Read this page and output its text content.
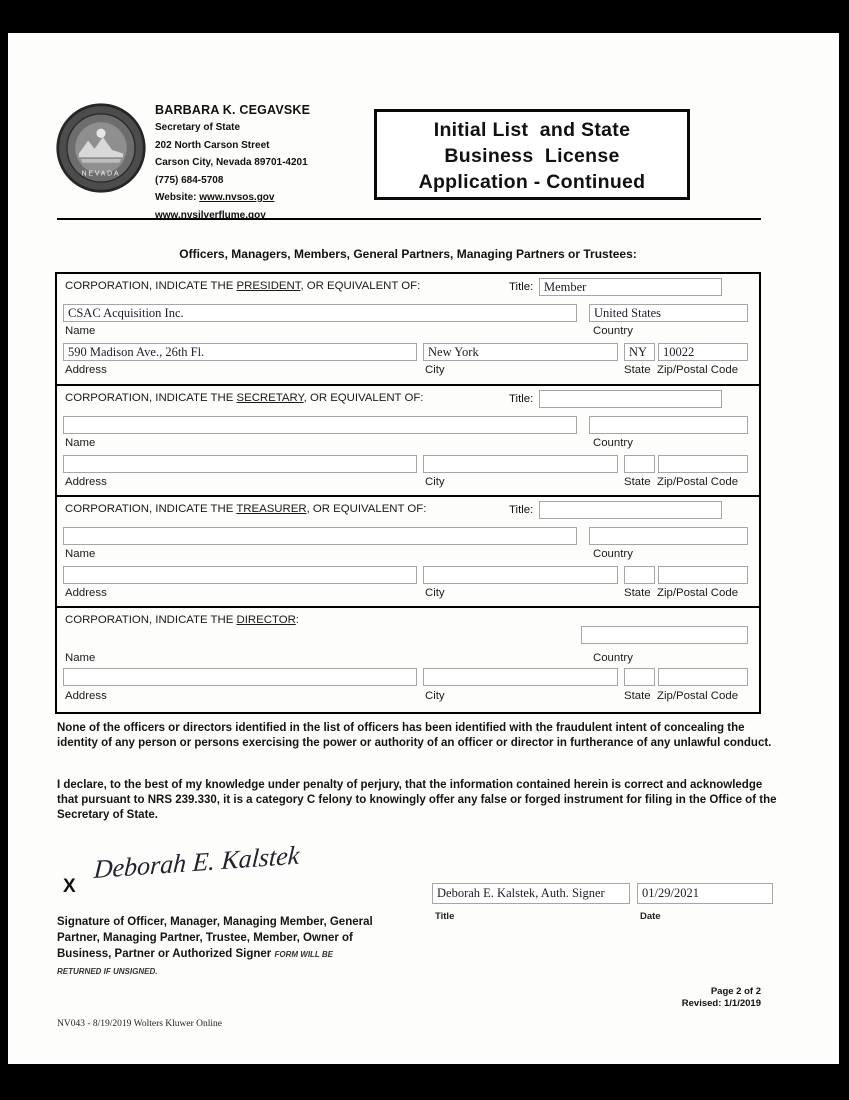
NEVADA
BARBARA K. CEGAVSKE
Secretary of State
202 North Carson Street
Carson City, Nevada 89701-4201
(775) 684-5708
Website: www.nvsos.gov
www.nvsilverflume.gov
Initial List  and State
Business  License
Application - Continued
Officers, Managers, Members, General Partners, Managing Partners or Trustees:
CORPORATION, INDICATE THE PRESIDENT, OR EQUIVALENT OF:	Title: Member
CSAC Acquisition Inc.	United States
Name	Country
590 Madison Ave., 26th Fl.	New York	NY	10022
Address	City	State Zip/Postal Code
CORPORATION, INDICATE THE SECRETARY, OR EQUIVALENT OF:	Title:
Name	Country
Address	City	State Zip/Postal Code
CORPORATION, INDICATE THE TREASURER, OR EQUIVALENT OF:	Title:
Name	Country
Address	City	State Zip/Postal Code
CORPORATION, INDICATE THE DIRECTOR:
Name	Country
Address	City	State Zip/Postal Code
None of the officers or directors identified in the list of officers has been identified with the fraudulent intent of concealing the identity of any person or persons exercising the power or authority of an officer or director in furtherance of any unlawful conduct.
I declare, to the best of my knowledge under penalty of perjury, that the information contained herein is correct and acknowledge that pursuant to NRS 239.330, it is a category C felony to knowingly offer any false or forged instrument for filing in the Office of the Secretary of State.
X
Deborah E. Kalstek
Signature of Officer, Manager, Managing Member, General Partner, Managing Partner, Trustee, Member, Owner of Business, Partner or Authorized Signer FORM WILL BE RETURNED IF UNSIGNED.
Deborah E. Kalstek, Auth. Signer
Title
01/29/2021
Date
Page 2 of 2
Revised: 1/1/2019
NV043 - 8/19/2019 Wolters Kluwer Online
